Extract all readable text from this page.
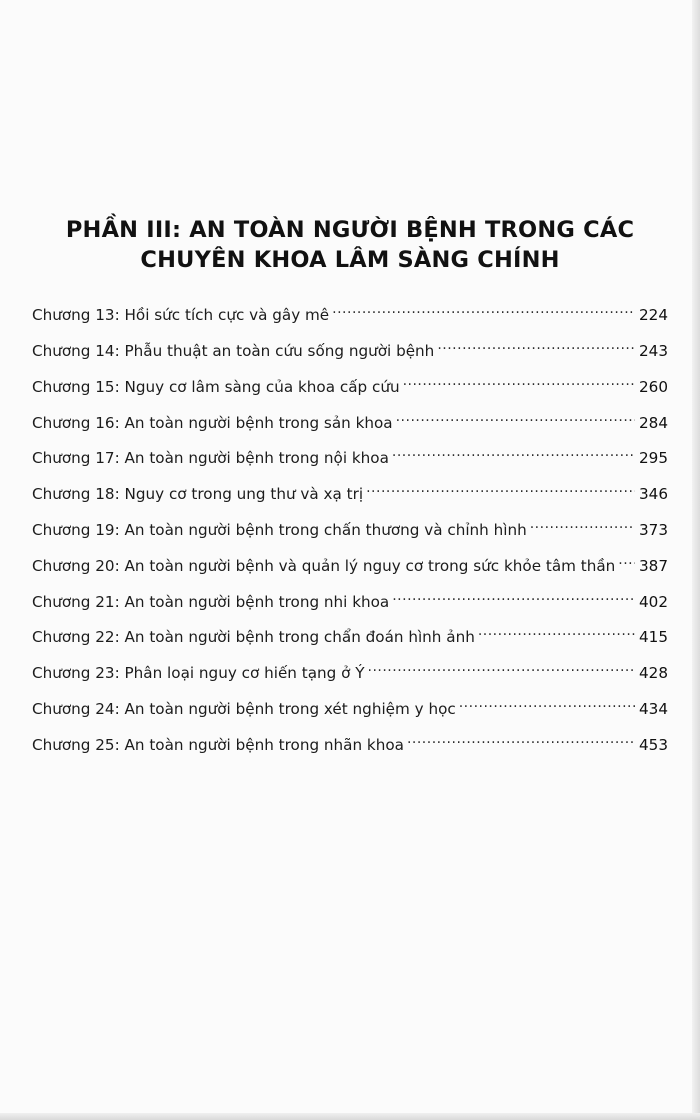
PHẦN III: AN TOÀN NGƯỜI BỆNH TRONG CÁC CHUYÊN KHOA LÂM SÀNG CHÍNH
Chương 13: Hồi sức tích cực và gây mê .....	224
Chương 14: Phẫu thuật an toàn cứu sống người bệnh .....	243
Chương 15: Nguy cơ lâm sàng của khoa cấp cứu .....	260
Chương 16: An toàn người bệnh trong sản khoa .....	284
Chương 17: An toàn người bệnh trong nội khoa .....	295
Chương 18: Nguy cơ trong ung thư và xạ trị .....	346
Chương 19: An toàn người bệnh trong chấn thương và chỉnh hình .....	373
Chương 20: An toàn người bệnh và quản lý nguy cơ trong sức khỏe tâm thần ..... 387
Chương 21: An toàn người bệnh trong nhi khoa .....	402
Chương 22: An toàn người bệnh trong chẩn đoán hình ảnh .....	415
Chương 23: Phân loại nguy cơ hiến tạng ở Ý .....	428
Chương 24: An toàn người bệnh trong xét nghiệm y học .....	434
Chương 25: An toàn người bệnh trong nhãn khoa .....	453
